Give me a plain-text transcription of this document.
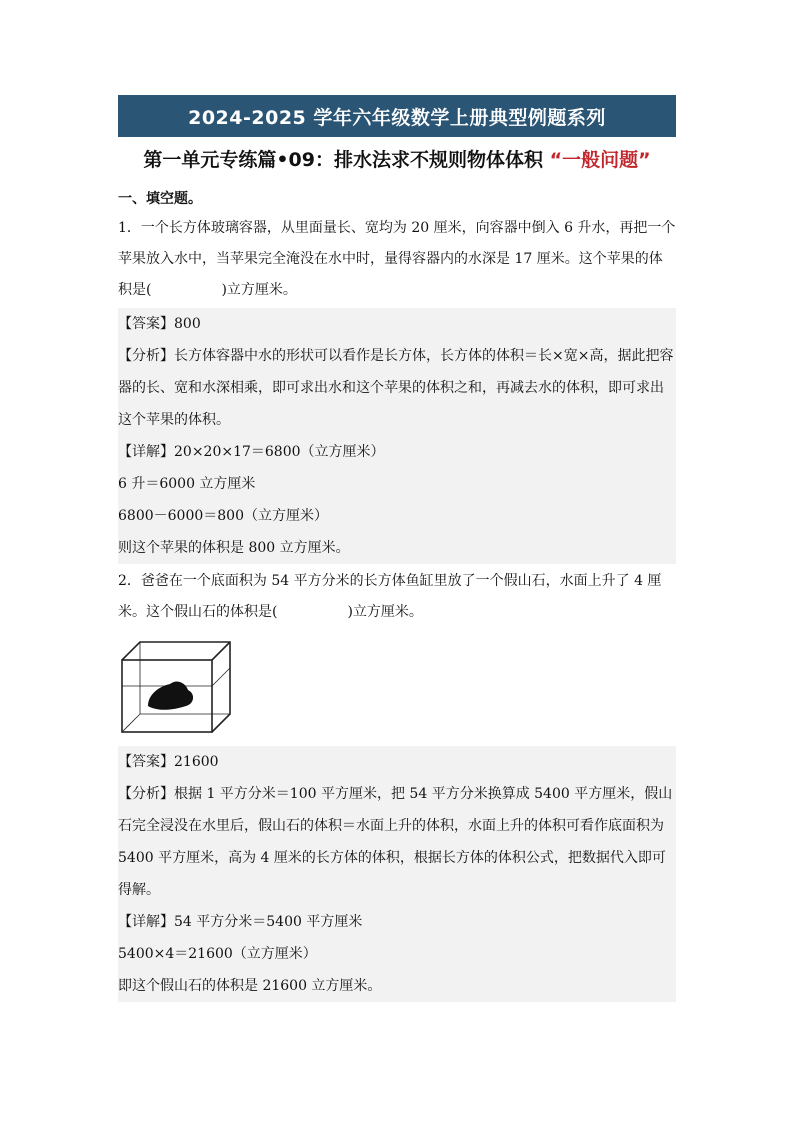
2024-2025 学年六年级数学上册典型例题系列
第一单元专练篇•09：排水法求不规则物体体积 “一般问题”
一、填空题。
1．一个长方体玻璃容器，从里面量长、宽均为 20 厘米，向容器中倒入 6 升水，再把一个苹果放入水中，当苹果完全淹没在水中时，量得容器内的水深是 17 厘米。这个苹果的体积是(	)立方厘米。
【答案】800
【分析】长方体容器中水的形状可以看作是长方体，长方体的体积＝长×宽×高，据此把容器的长、宽和水深相乘，即可求出水和这个苹果的体积之和，再减去水的体积，即可求出这个苹果的体积。
【详解】20×20×17＝6800（立方厘米）
6 升＝6000 立方厘米
6800－6000＝800（立方厘米）
则这个苹果的体积是 800 立方厘米。
2．爸爸在一个底面积为 54 平方分米的长方体鱼缸里放了一个假山石，水面上升了 4 厘米。这个假山石的体积是(	)立方厘米。
【答案】21600
【分析】根据 1 平方分米＝100 平方厘米，把 54 平方分米换算成 5400 平方厘米，假山石完全浸没在水里后，假山石的体积＝水面上升的体积，水面上升的体积可看作底面积为 5400 平方厘米，高为 4 厘米的长方体的体积，根据长方体的体积公式，把数据代入即可得解。
【详解】54 平方分米＝5400 平方厘米
5400×4＝21600（立方厘米）
即这个假山石的体积是 21600 立方厘米。
